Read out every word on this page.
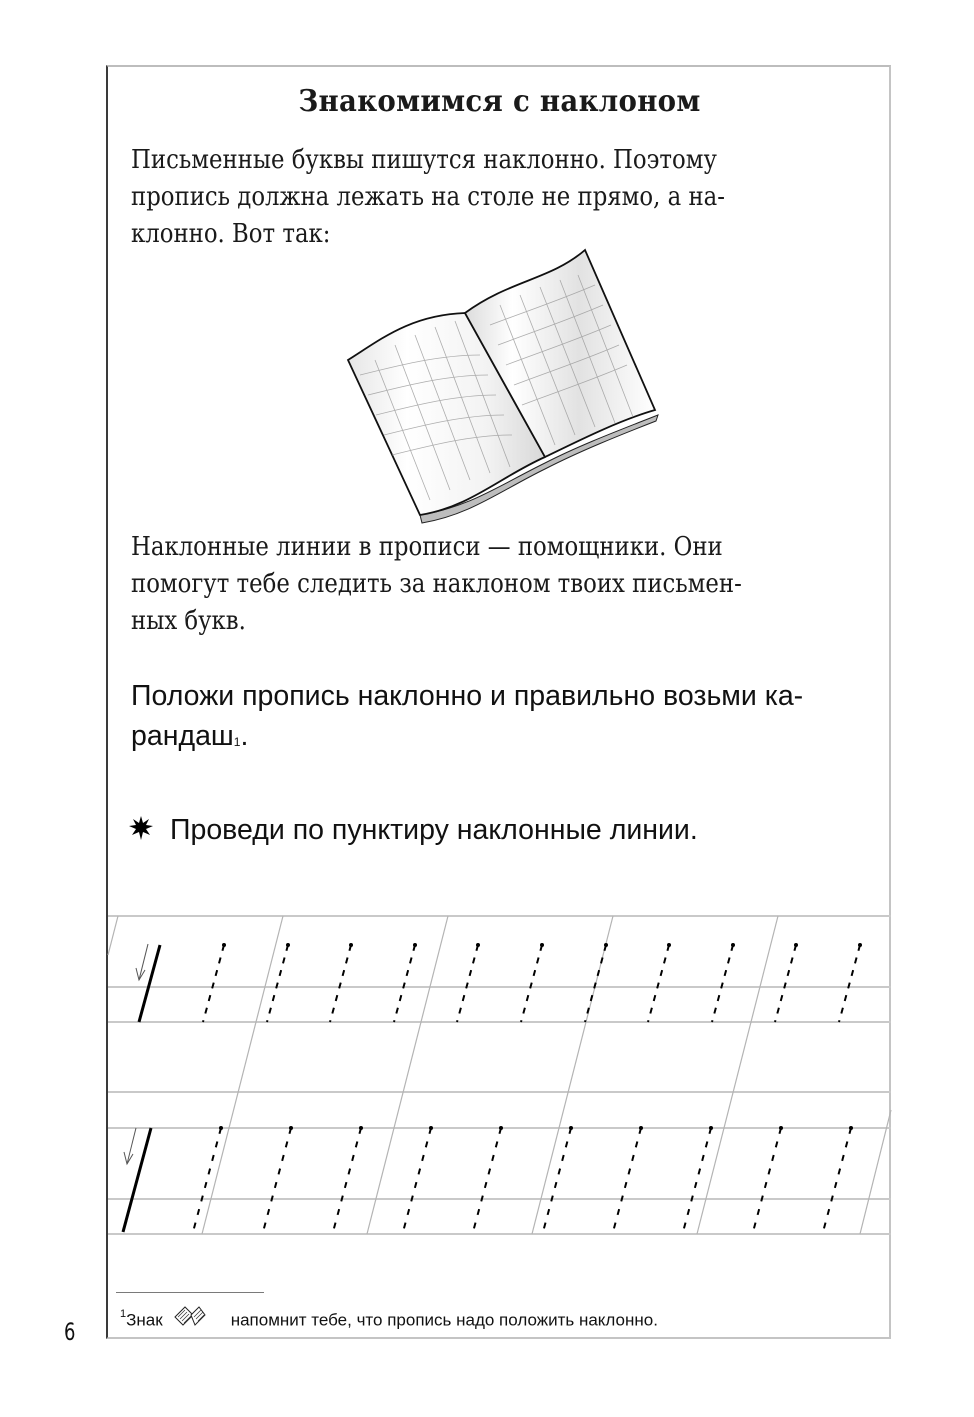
Знакомимся с наклоном
Письменные буквы пишутся наклонно. Поэтому
пропись должна лежать на столе не прямо, а на-
клонно. Вот так:
Наклонные линии в прописи — помощники. Они
помогут тебе следить за наклоном твоих письмен-
ных букв.
Положи пропись наклонно и правильно возьми ка-
рандаш$^1$.
Проведи по пунктиру наклонные линии.
$^1$Знак	напомнит тебе, что пропись надо положить наклонно.
6
